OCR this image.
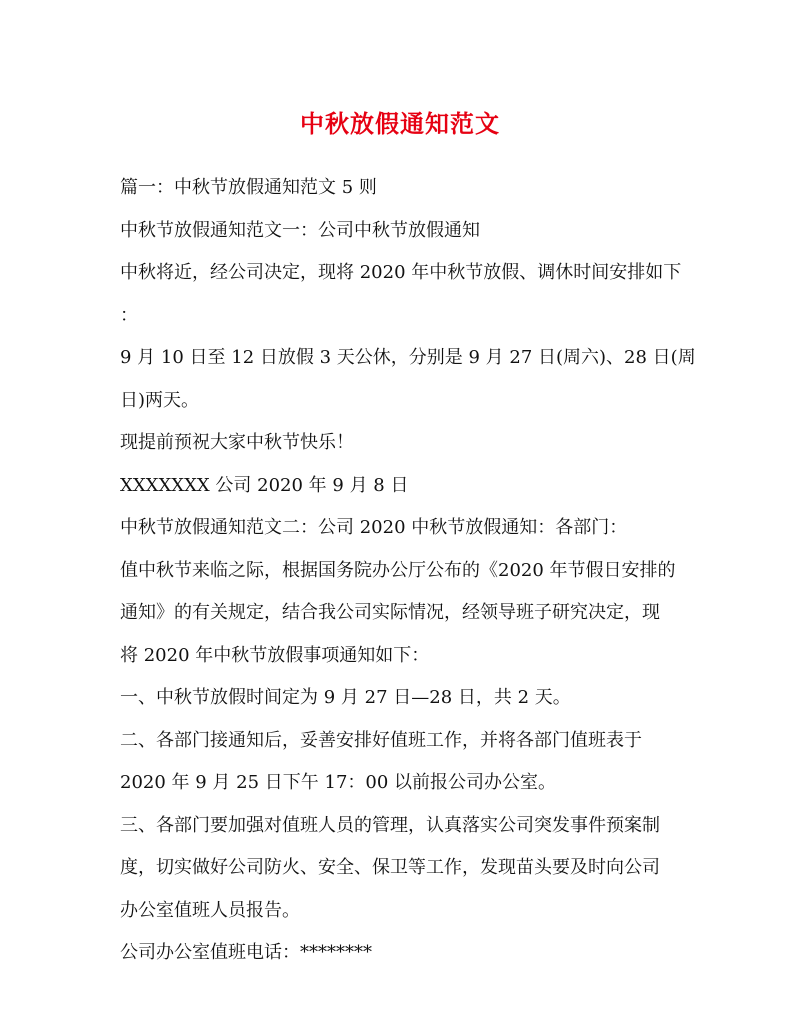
中秋放假通知范文
篇一：中秋节放假通知范文 5 则
中秋节放假通知范文一：公司中秋节放假通知
中秋将近，经公司决定，现将 2020 年中秋节放假、调休时间安排如下
：
9 月 10 日至 12 日放假 3 天公休，分别是 9 月 27 日(周六)、28 日(周
日)两天。
现提前预祝大家中秋节快乐！
XXXXXXX 公司 2020 年 9 月 8 日
中秋节放假通知范文二：公司 2020 中秋节放假通知：各部门：
值中秋节来临之际，根据国务院办公厅公布的《2020 年节假日安排的
通知》的有关规定，结合我公司实际情况，经领导班子研究决定，现
将 2020 年中秋节放假事项通知如下：
一、中秋节放假时间定为 9 月 27 日—28 日，共 2 天。
二、各部门接通知后，妥善安排好值班工作，并将各部门值班表于
2020 年 9 月 25 日下午 17：00 以前报公司办公室。
三、各部门要加强对值班人员的管理，认真落实公司突发事件预案制
度，切实做好公司防火、安全、保卫等工作，发现苗头要及时向公司
办公室值班人员报告。
公司办公室值班电话：********
